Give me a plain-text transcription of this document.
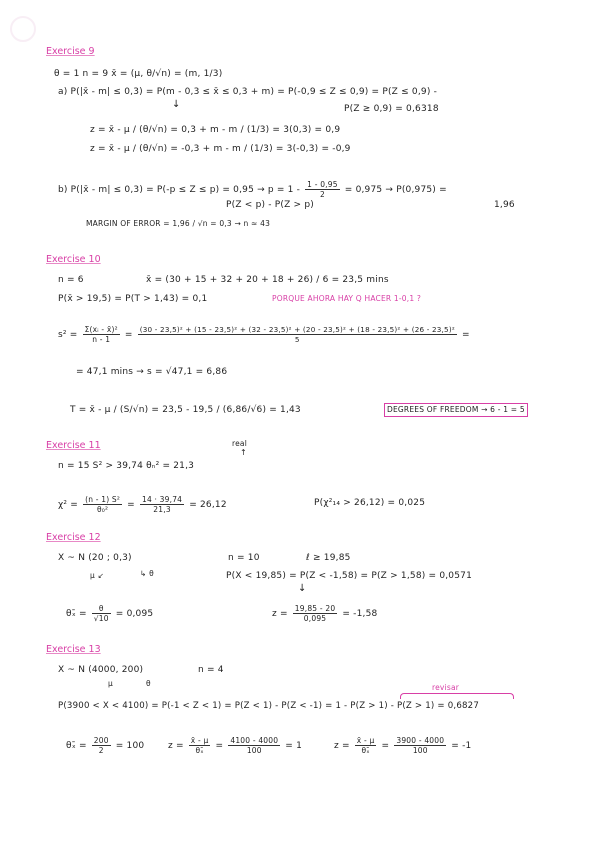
Exercise 9
θ = 1 n = 9 x̄ = (μ, θ/√n) = (m, 1/3)
a) P(|x̄ - m| ≤ 0,3) = P(m - 0,3 ≤ x̄ ≤ 0,3 + m) = P(-0,9 ≤ Z ≤ 0,9) = P(Z ≤ 0,9) -
↓	P(Z ≥ 0,9) = 0,6318
z = x̄ - μ / (θ/√n) = 0,3 + m - m / (1/3) = 3(0,3) = 0,9
z = x̄ - μ / (θ/√n) = -0,3 + m - m / (1/3) = 3(-0,3) = -0,9
b) P(|x̄ - $m| \le 0,3) = P(-p \le Z \le p) = 0,95 \to p = 1 - \frac{1 - 0,95}{2} = 0,975 \to P(0,975)$ =
P(Z < p) - P(Z > p)	1,96
MARGIN OF ERROR = 1,96 / √n = 0,3 → n ≈ 43
Exercise 10
n = 6	x̄ = (30 + 15 + 32 + 20 + 18 + 26) / 6 = 23,5 mins
P(x̄ > 19,5) = P(T > 1,43) = 0,1	PORQUE AHORA HAY Q HACER 1-0,1 ?
$s^2 = \frac{\text{Σ(xᵢ - x̄)²}}{n - 1}$ =
(30 - 23,5)² + (15 - 23,5)² + (32 - 23,5)² + (20 - 23,5)² + (18 - 23,5)² + (26 - 23,5)²
5	=
= 47,1 mins → s = √47,1 = 6,86
T = x̄ - μ / (S/√n) = 23,5 - 19,5 / (6,86/√6) = 1,43	DEGREES OF FREEDOM → 6 - 1 = 5
Exercise 11	real
↑
n = 15 S² > 39,74 θₙ² = 21,3
$\chi^2 = \frac{\text{(n - 1) S²}}{\text{θ₀²}} = \frac{14 \cdot 39,74}{21,3} = 26,12$	P(χ²₁₄ > 26,12) = 0,025
Exercise 12
X ~ N (20 ; 0,3)	n = 10	ℓ ≥ 19,85
μ ↙	↳ θ	P(X < 19,85) = P(Z < -1,58) = P(Z > 1,58) = 0,0571
↓
θₓ̄ = $\frac{\theta}{√10} = 0,095$	$z = \frac{19,85 - 20}{0,095} = -1,58$
Exercise 13
X ~ N (4000, 200)	n = 4
μ	θ	revisar
P(3900 < X < 4100) = P(-1 < Z < 1) = P(Z < 1) - P(Z < -1) = 1 - P(Z > 1) - P(Z > 1) = 0,6827
θₓ̄ = $\frac{200}{2} = 100$	$z = \frac{x̄ - \mu}{\text{θₓ̄}} = \frac{4100 - 4000}{100} = 1$	$z = \frac{x̄ - \mu}{\text{θₓ̄}} = \frac{3900 - 4000}{100} = -1$
